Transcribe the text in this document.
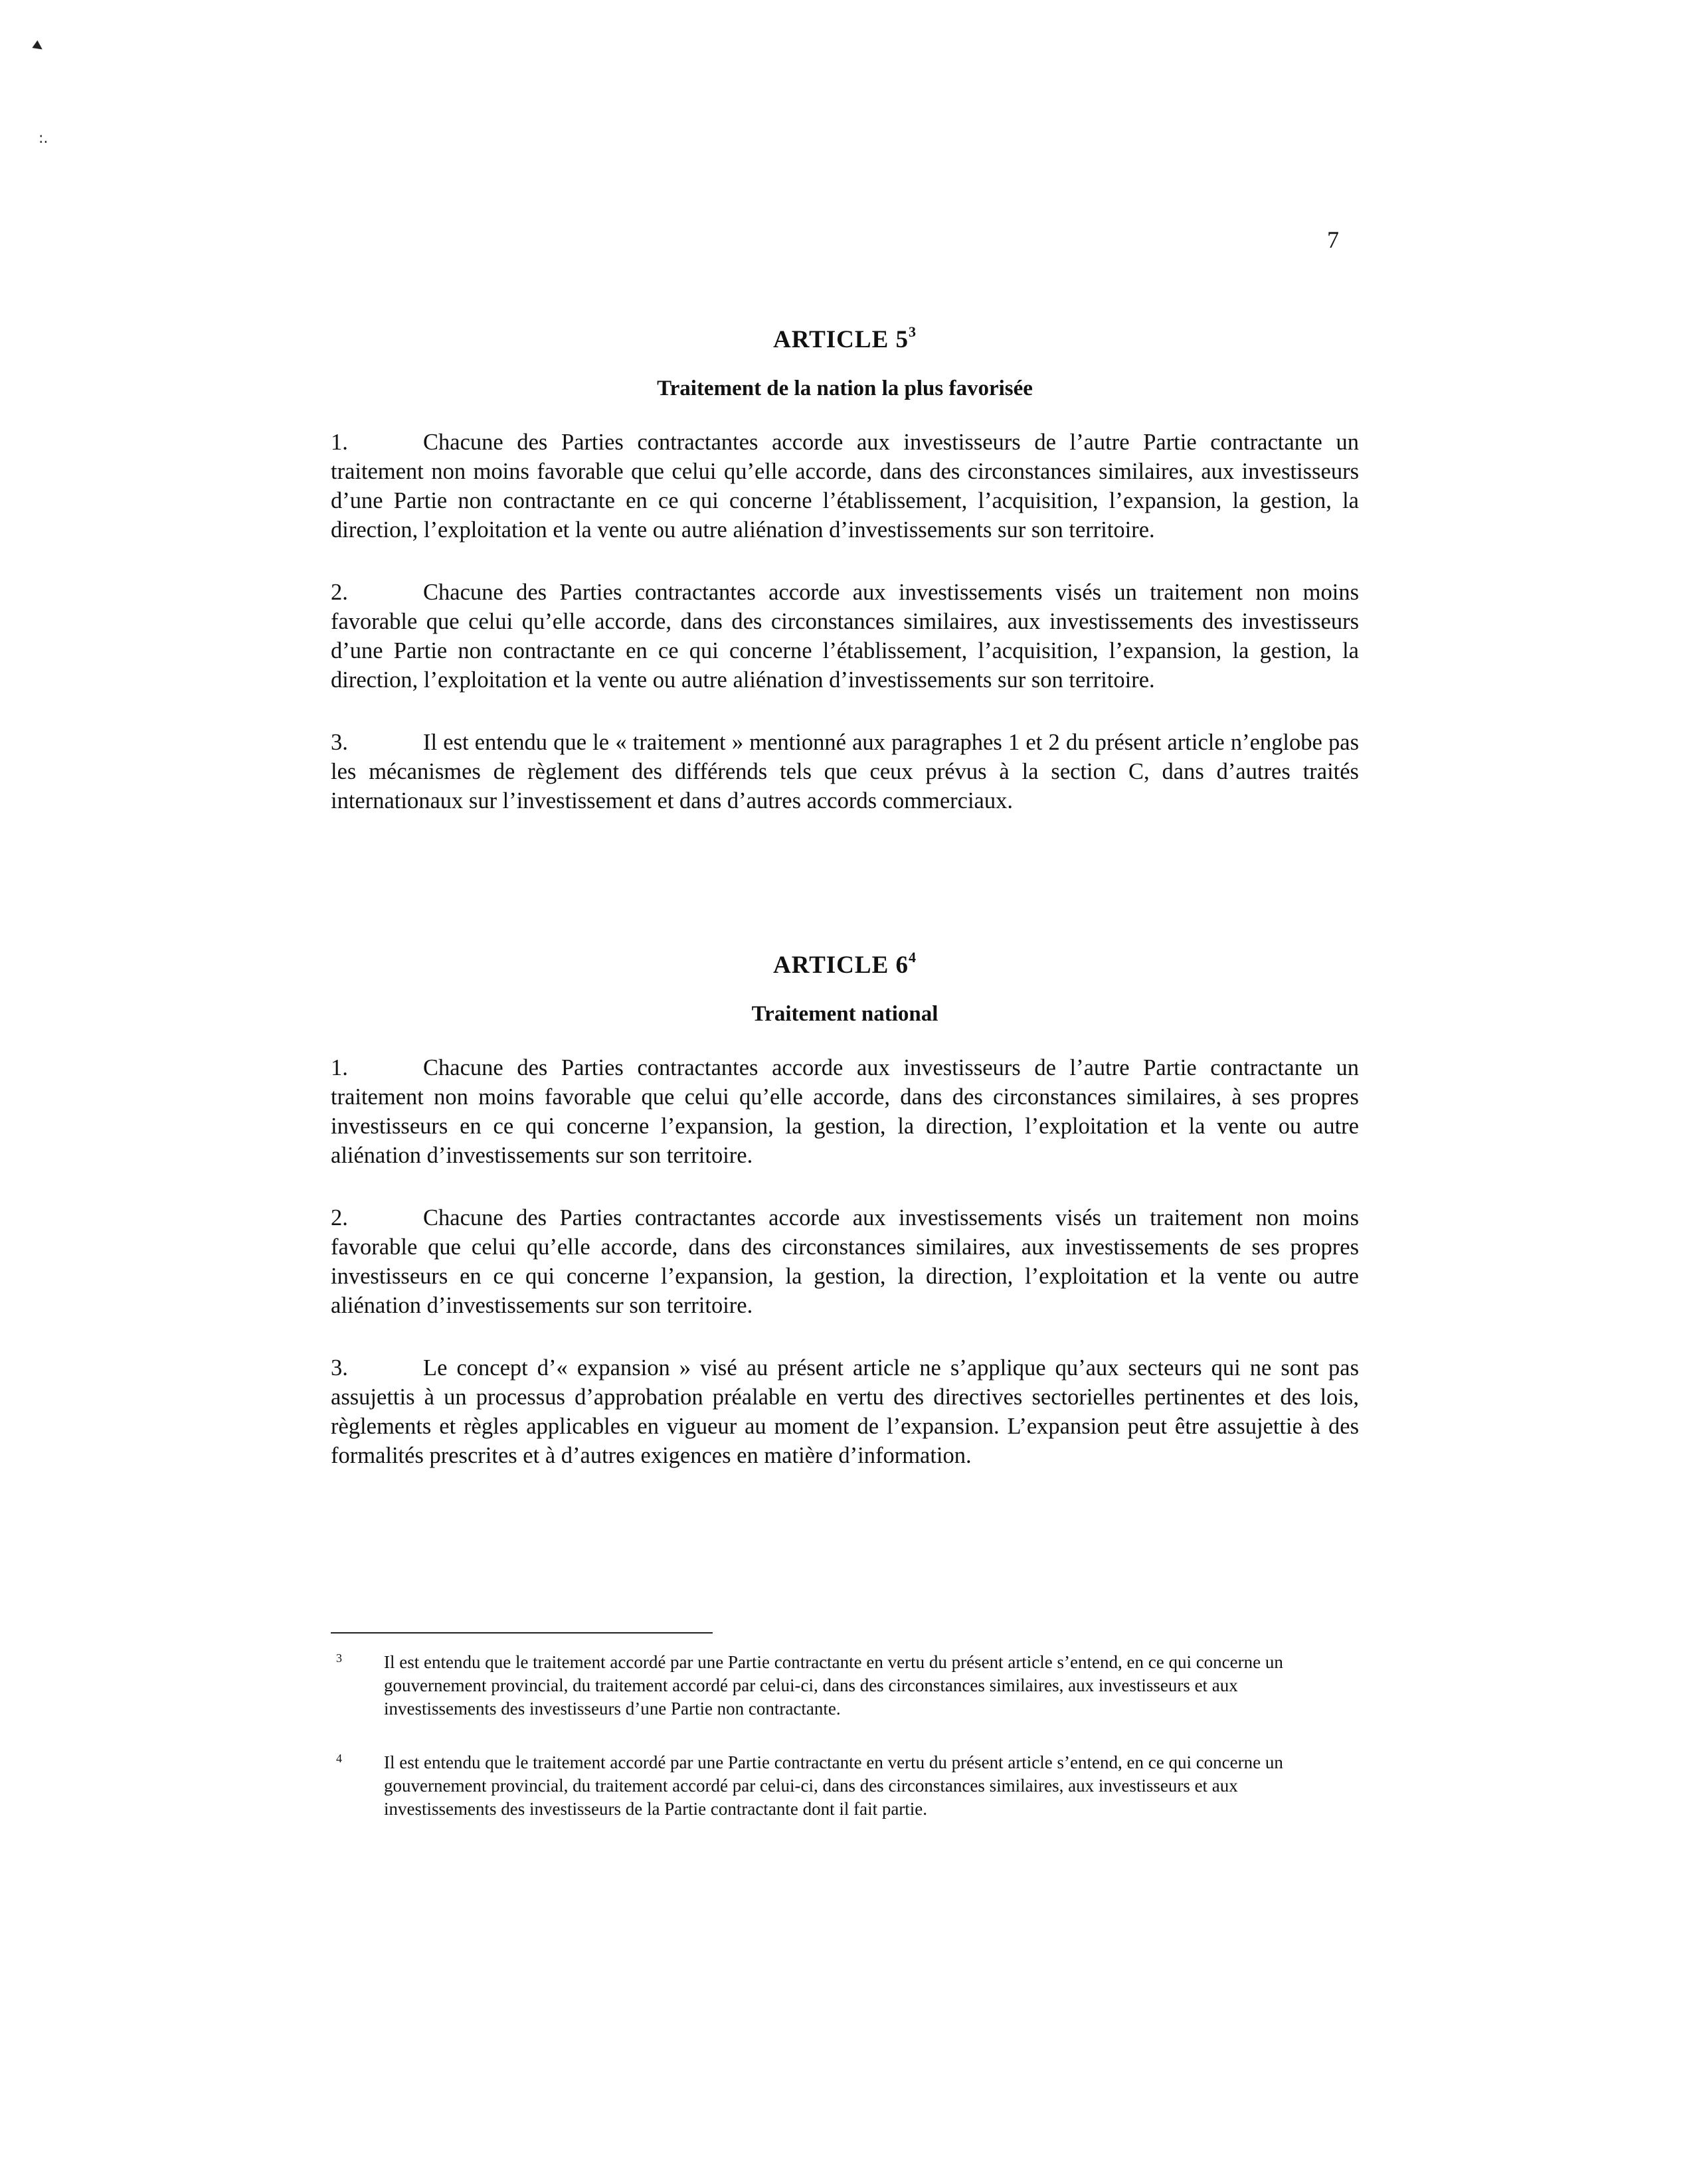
▸
:.
7
ARTICLE $5^3$
Traitement de la nation la plus favorisée

1.	Chacune des Parties contractantes accorde aux investisseurs de l’autre Partie contractante un traitement non moins favorable que celui qu’elle accorde, dans des circonstances similaires, aux investisseurs d’une Partie non contractante en ce qui concerne l’établissement, l’acquisition, l’expansion, la gestion, la direction, l’exploitation et la vente ou autre aliénation d’investissements sur son territoire.

2.	Chacune des Parties contractantes accorde aux investissements visés un traitement non moins favorable que celui qu’elle accorde, dans des circonstances similaires, aux investissements des investisseurs d’une Partie non contractante en ce qui concerne l’établissement, l’acquisition, l’expansion, la gestion, la direction, l’exploitation et la vente ou autre aliénation d’investissements sur son territoire.

3.	Il est entendu que le « traitement » mentionné aux paragraphes 1 et 2 du présent article n’englobe pas les mécanismes de règlement des différends tels que ceux prévus à la section C, dans d’autres traités internationaux sur l’investissement et dans d’autres accords commerciaux.

ARTICLE $6^4$
Traitement national

1.	Chacune des Parties contractantes accorde aux investisseurs de l’autre Partie contractante un traitement non moins favorable que celui qu’elle accorde, dans des circonstances similaires, à ses propres investisseurs en ce qui concerne l’expansion, la gestion, la direction, l’exploitation et la vente ou autre aliénation d’investissements sur son territoire.

2.	Chacune des Parties contractantes accorde aux investissements visés un traitement non moins favorable que celui qu’elle accorde, dans des circonstances similaires, aux investissements de ses propres investisseurs en ce qui concerne l’expansion, la gestion, la direction, l’exploitation et la vente ou autre aliénation d’investissements sur son territoire.

3.	Le concept d’« expansion » visé au présent article ne s’applique qu’aux secteurs qui ne sont pas assujettis à un processus d’approbation préalable en vertu des directives sectorielles pertinentes et des lois, règlements et règles applicables en vigueur au moment de l’expansion. L’expansion peut être assujettie à des formalités prescrites et à d’autres exigences en matière d’information.

3 Il est entendu que le traitement accordé par une Partie contractante en vertu du présent article s’entend, en ce qui concerne un gouvernement provincial, du traitement accordé par celui-ci, dans des circonstances similaires, aux investisseurs et aux investissements des investisseurs d’une Partie non contractante.
4 Il est entendu que le traitement accordé par une Partie contractante en vertu du présent article s’entend, en ce qui concerne un gouvernement provincial, du traitement accordé par celui-ci, dans des circonstances similaires, aux investisseurs et aux investissements des investisseurs de la Partie contractante dont il fait partie.
